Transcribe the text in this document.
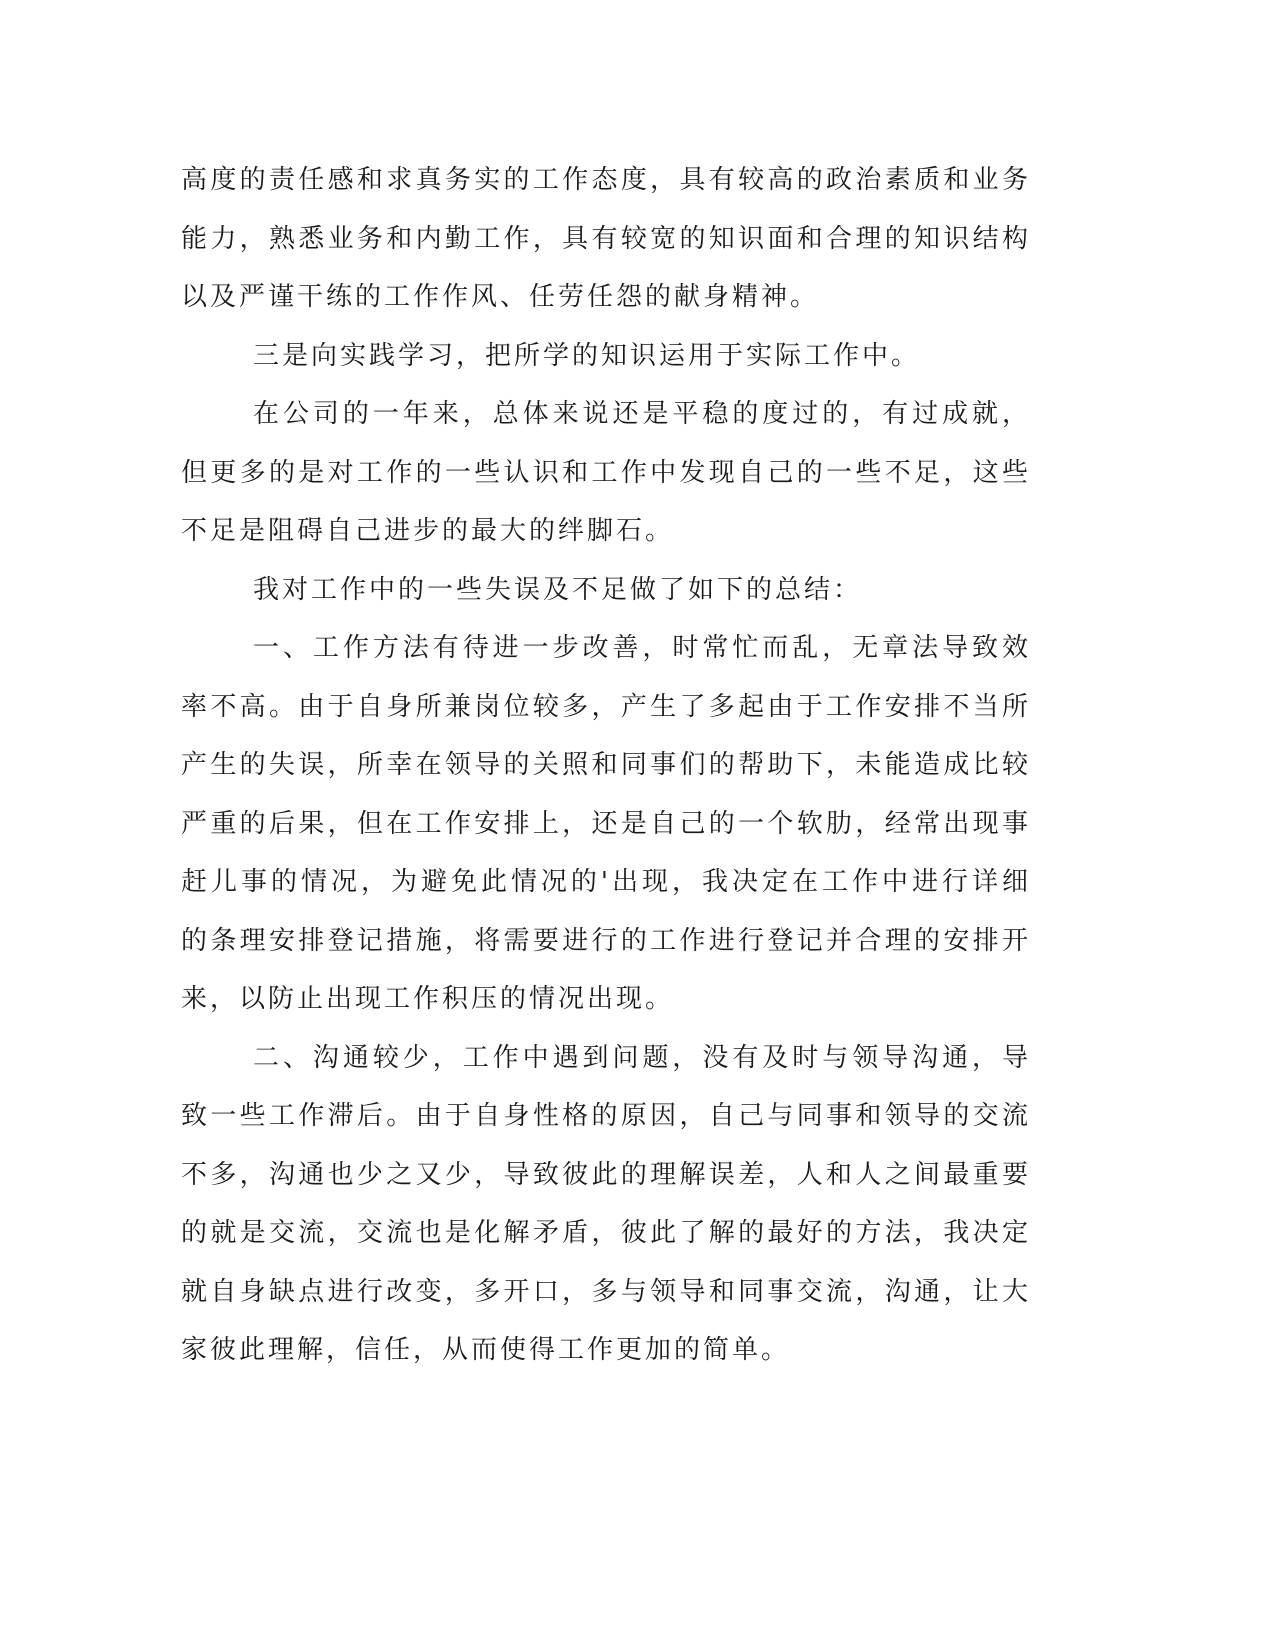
高度的责任感和求真务实的工作态度，具有较高的政治素质和业务能力，熟悉业务和内勤工作，具有较宽的知识面和合理的知识结构以及严谨干练的工作作风、任劳任怨的献身精神。

三是向实践学习，把所学的知识运用于实际工作中。

在公司的一年来，总体来说还是平稳的度过的，有过成就，但更多的是对工作的一些认识和工作中发现自己的一些不足，这些不足是阻碍自己进步的最大的绊脚石。

我对工作中的一些失误及不足做了如下的总结：

一、工作方法有待进一步改善，时常忙而乱，无章法导致效率不高。由于自身所兼岗位较多，产生了多起由于工作安排不当所产生的失误，所幸在领导的关照和同事们的帮助下，未能造成比较严重的后果，但在工作安排上，还是自己的一个软肋，经常出现事赶儿事的情况，为避免此情况的'出现，我决定在工作中进行详细的条理安排登记措施，将需要进行的工作进行登记并合理的安排开来，以防止出现工作积压的情况出现。

二、沟通较少，工作中遇到问题，没有及时与领导沟通，导致一些工作滞后。由于自身性格的原因，自己与同事和领导的交流不多，沟通也少之又少，导致彼此的理解误差，人和人之间最重要的就是交流，交流也是化解矛盾，彼此了解的最好的方法，我决定就自身缺点进行改变，多开口，多与领导和同事交流，沟通，让大家彼此理解，信任，从而使得工作更加的简单。
